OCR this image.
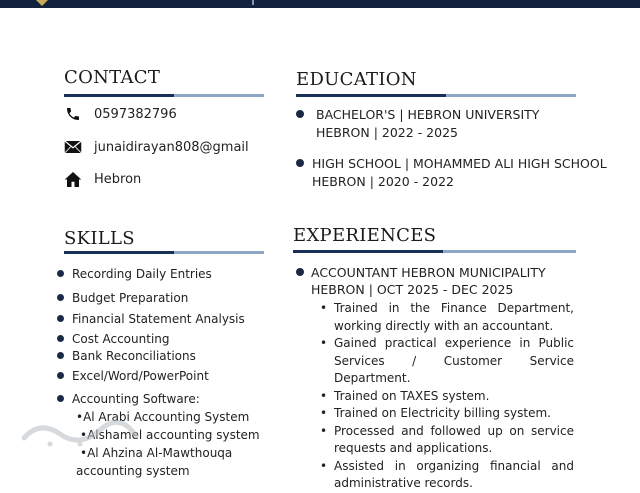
CONTACT
0597382796
junaidirayan808@gmail
Hebron
EDUCATION
BACHELOR'S | HEBRON UNIVERSITY
HEBRON | 2022 - 2025
HIGH SCHOOL | MOHAMMED ALI HIGH SCHOOL
HEBRON | 2020 - 2022
SKILLS
Recording Daily Entries
Budget Preparation
Financial Statement Analysis
Cost Accounting
Bank Reconciliations
Excel/Word/PowerPoint
Accounting Software:
•Al Arabi Accounting System
•Alshamel accounting system
•Al Ahzina Al-Mawthouqa
accounting system
EXPERIENCES
ACCOUNTANT HEBRON MUNICIPALITY
HEBRON | OCT 2025 - DEC 2025
• Trained in the Finance Department, working directly with an accountant.
• Gained practical experience in Public Services / Customer Service Department.
• Trained on TAXES system.
• Trained on Electricity billing system.
• Processed and followed up on service requests and applications.
• Assisted in organizing financial and administrative records.
